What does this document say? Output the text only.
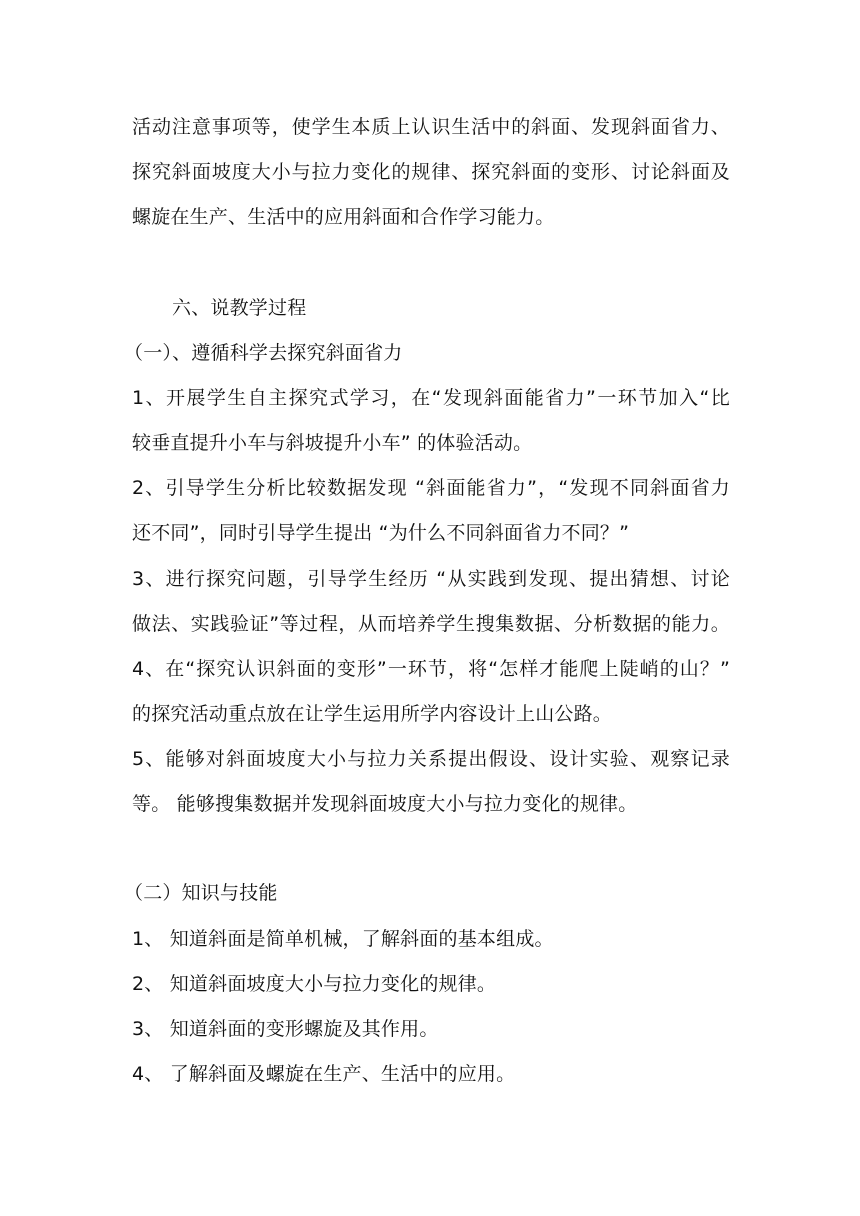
活动注意事项等，使学生本质上认识生活中的斜面、发现斜面省力、
探究斜面坡度大小与拉力变化的规律、探究斜面的变形、讨论斜面及
螺旋在生产、生活中的应用斜面和合作学习能力。
六、说教学过程
（一）、遵循科学去探究斜面省力
1、开展学生自主探究式学习，在“发现斜面能省力”一环节加入“比
较垂直提升小车与斜坡提升小车” 的体验活动。
2、引导学生分析比较数据发现 “斜面能省力”，“发现不同斜面省力
还不同”，同时引导学生提出 “为什么不同斜面省力不同？”
3、进行探究问题，引导学生经历 “从实践到发现、提出猜想、讨论
做法、实践验证”等过程，从而培养学生搜集数据、分析数据的能力。
4、在“探究认识斜面的变形”一环节，将“怎样才能爬上陡峭的山？”
的探究活动重点放在让学生运用所学内容设计上山公路。
5、能够对斜面坡度大小与拉力关系提出假设、设计实验、观察记录
等。 能够搜集数据并发现斜面坡度大小与拉力变化的规律。
（二）知识与技能
1、 知道斜面是简单机械，了解斜面的基本组成。
2、 知道斜面坡度大小与拉力变化的规律。
3、 知道斜面的变形螺旋及其作用。
4、 了解斜面及螺旋在生产、生活中的应用。
